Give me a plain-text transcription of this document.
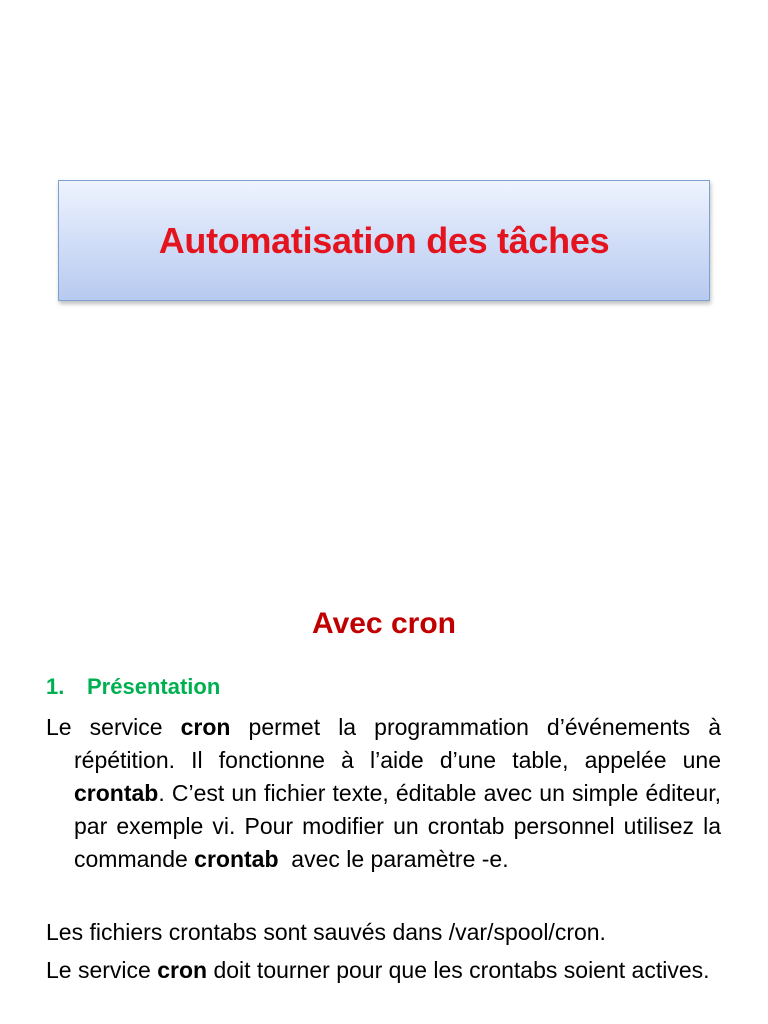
Automatisation des tâches
Avec cron
1. Présentation
Le service cron permet la programmation d’événements à répétition. Il fonctionne à l’aide d’une table, appelée une crontab. C’est un fichier texte, éditable avec un simple éditeur, par exemple vi. Pour modifier un crontab personnel utilisez la commande crontab  avec le paramètre -e.
Les fichiers crontabs sont sauvés dans /var/spool/cron.
Le service cron doit tourner pour que les crontabs soient actives.
